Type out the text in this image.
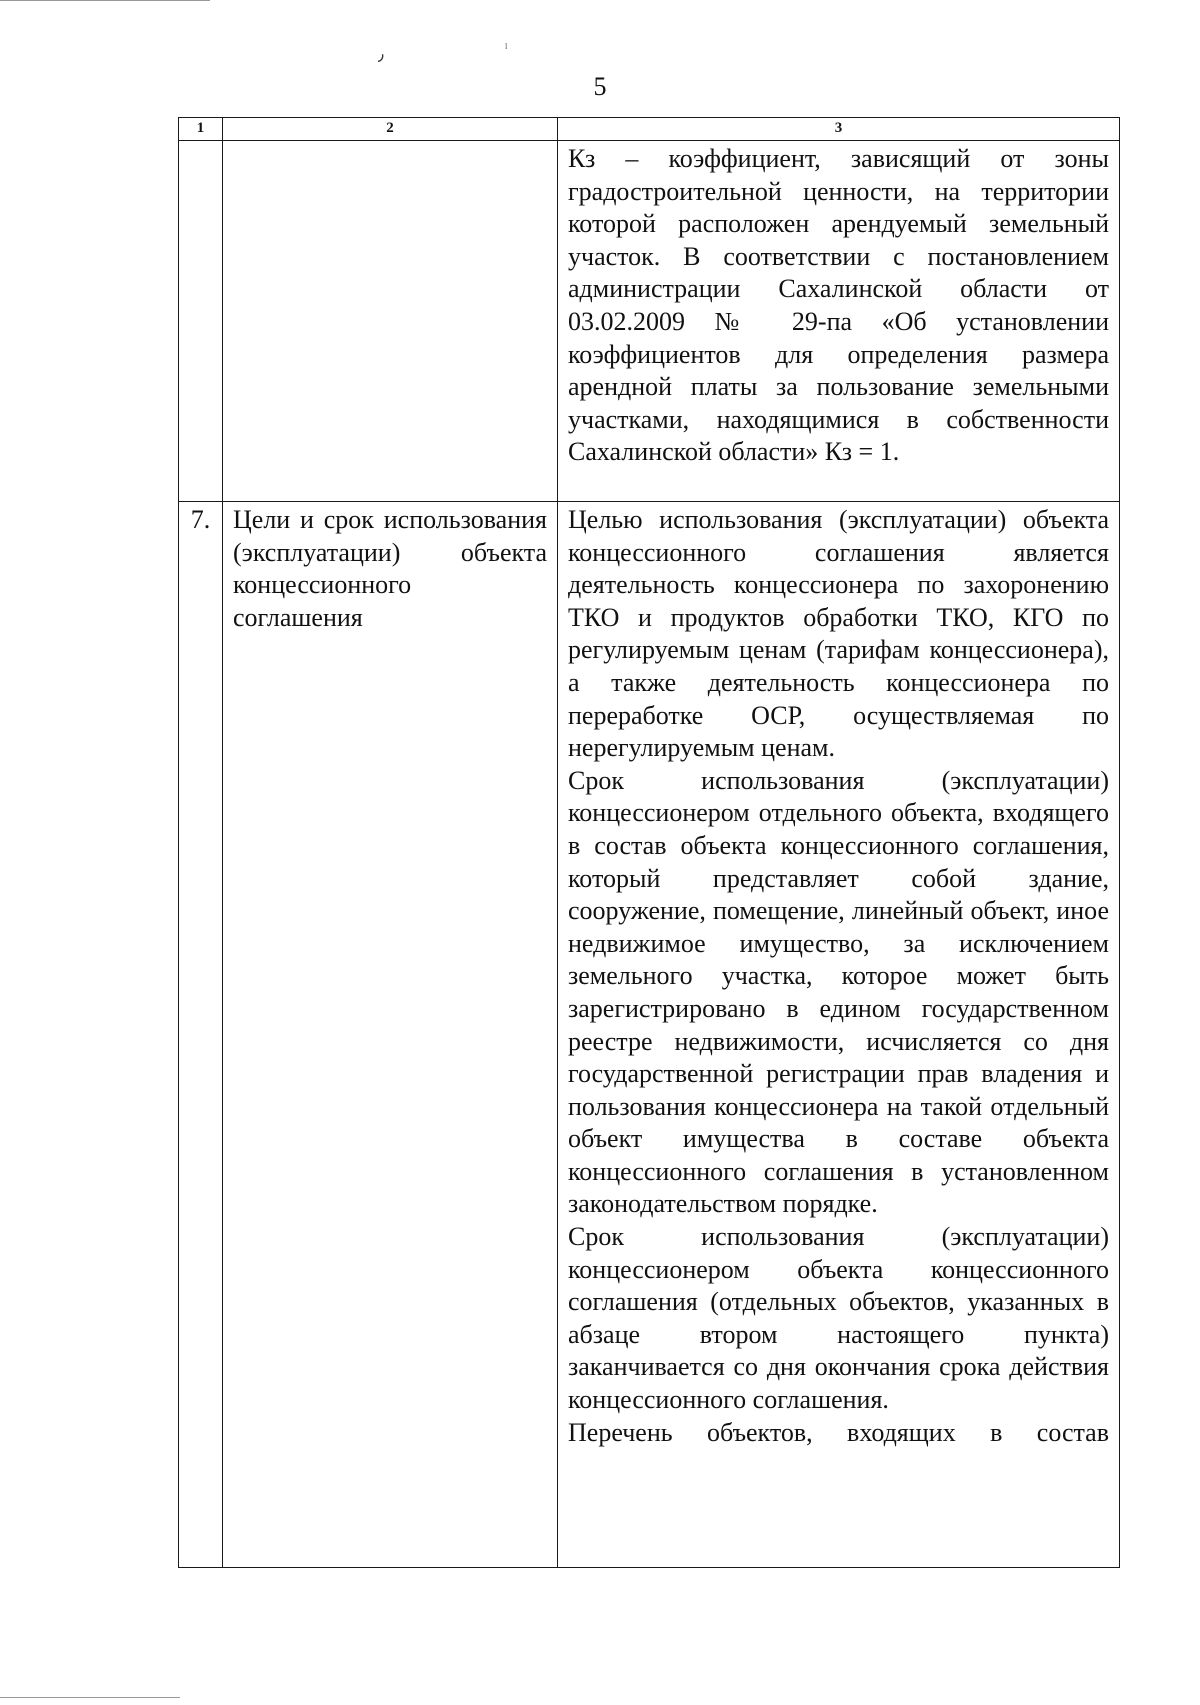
٫	ˡ
5
1	2	3

		Кз – коэффициент, зависящий от зоны градостроительной ценности, на территории которой расположен арендуемый земельный участок. В соответствии с постановлением администрации Сахалинской области от 03.02.2009 № 29-па «Об установлении коэффициентов для определения размера арендной платы за пользование земельными участками, находящимися в собственности Сахалинской области» Кз = 1.

7.	Цели и срок использования (эксплуатации) объекта концессионного соглашения	Целью использования (эксплуатации) объекта концессионного соглашения является деятельность концессионера по захоронению ТКО и продуктов обработки ТКО, КГО по регулируемым ценам (тарифам концессионера), а также деятельность концессионера по переработке ОСР, осуществляемая по нерегулируемым ценам.
Срок использования (эксплуатации) концессионером отдельного объекта, входящего в состав объекта концессионного соглашения, который представляет собой здание, сооружение, помещение, линейный объект, иное недвижимое имущество, за исключением земельного участка, которое может быть зарегистрировано в едином государственном реестре недвижимости, исчисляется со дня государственной регистрации прав владения и пользования концессионера на такой отдельный объект имущества в составе объекта концессионного соглашения в установленном законодательством порядке.
Срок использования (эксплуатации) концессионером объекта концессионного соглашения (отдельных объектов, указанных в абзаце втором настоящего пункта) заканчивается со дня окончания срока действия концессионного соглашения.
Перечень объектов, входящих в состав
